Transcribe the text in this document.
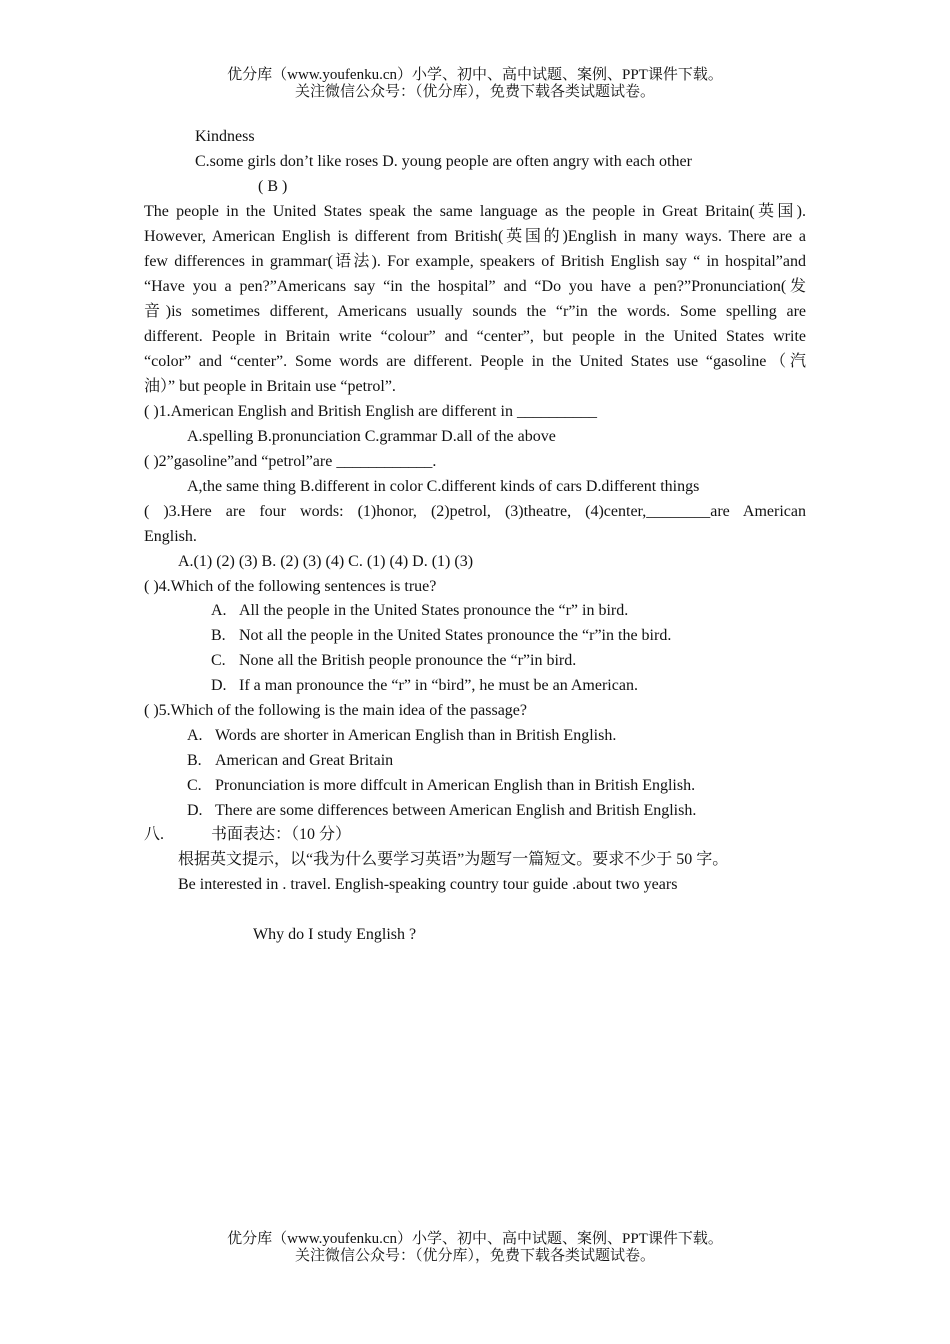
优分库（www.youfenku.cn）小学、初中、高中试题、案例、PPT课件下载。
关注微信公众号：（优分库），免费下载各类试题试卷。
Kindness
C.some girls don’t like roses D. young people are often angry with each other
( B )
The people in the United States speak the same language as the people in Great Britain(英国).
However, American English is different from British(英国的)English in many ways. There are a
few differences in grammar(语法). For example, speakers of British English say “ in hospital”and
“Have you a pen?”Americans say “in the hospital” and “Do you have a pen?”Pronunciation(发
音)is sometimes different, Americans usually sounds the “r”in the words. Some spelling are
different. People in Britain write “colour” and “center”, but people in the United States write
“color” and “center”. Some words are different. People in the United States use “gasoline（汽
油）” but people in Britain use “petrol”.
( )1.American English and British English are different in __________
A.spelling B.pronunciation C.grammar D.all of the above
( )2”gasoline”and “petrol”are ____________.
A,the same thing B.different in color C.different kinds of cars D.different things
( )3.Here are four words: (1)honor, (2)petrol, (3)theatre, (4)center,________are American
English.
A.(1) (2) (3) B. (2) (3) (4) C. (1) (4) D. (1) (3)
( )4.Which of the following sentences is true?
A. All the people in the United States pronounce the “r” in bird.
B. Not all the people in the United States pronounce the “r”in the bird.
C. None all the British people pronounce the “r”in bird.
D. If a man pronounce the “r” in “bird”, he must be an American.
( )5.Which of the following is the main idea of the passage?
A. Words are shorter in American English than in British English.
B. American and Great Britain
C. Pronunciation is more diffcult in American English than in British English.
D. There are some differences between American English and British English.
八.	书面表达：（10 分）
根据英文提示，以“我为什么要学习英语”为题写一篇短文。要求不少于 50 字。
Be interested in . travel. English-speaking country tour guide .about two years
Why do I study English ?
优分库（www.youfenku.cn）小学、初中、高中试题、案例、PPT课件下载。
关注微信公众号：（优分库），免费下载各类试题试卷。
